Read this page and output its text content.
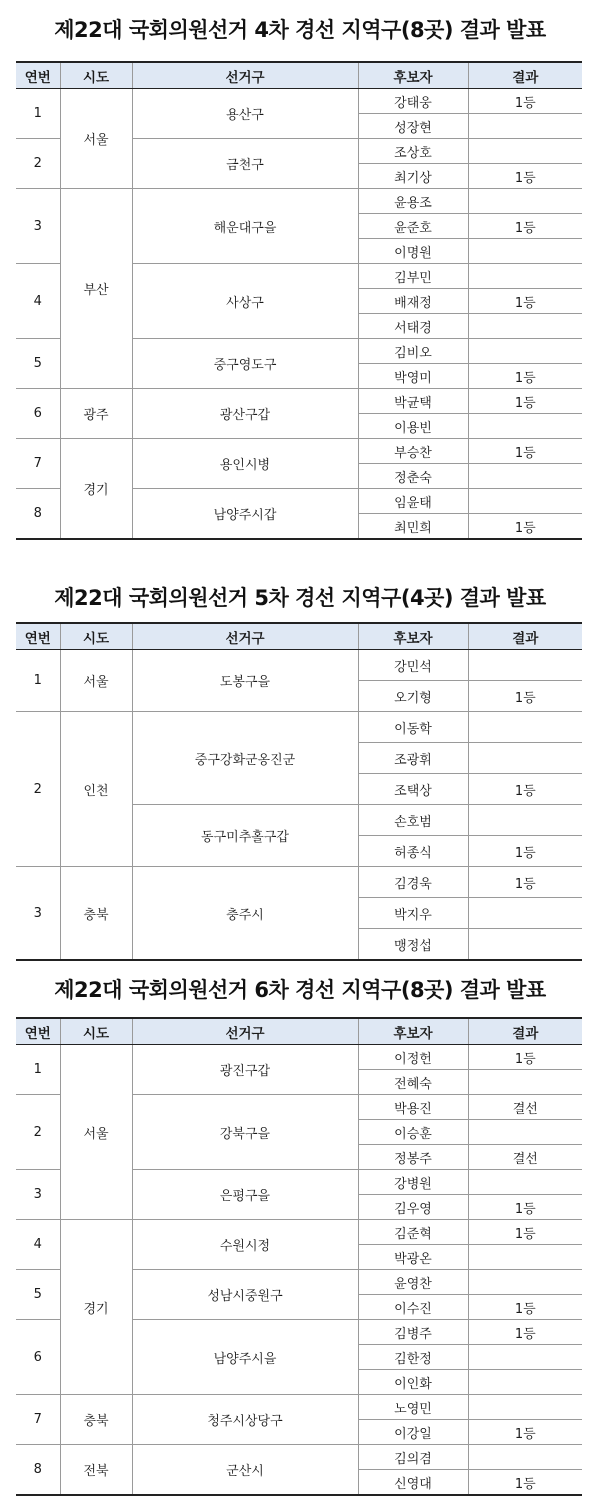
제22대 국회의원선거 4차 경선 지역구(8곳) 결과 발표
연번	시도	선거구	후보자	결과
1	서울	용산구	강태웅	1등
			성장현	
2		금천구	조상호	
			최기상	1등
3	부산	해운대구을	윤용조	
			윤준호	1등
			이명원	
4		사상구	김부민	
			배재정	1등
			서태경	
5		중구영도구	김비오	
			박영미	1등
6	광주	광산구갑	박균택	1등
			이용빈	
7	경기	용인시병	부승찬	1등
			정춘숙	
8		남양주시갑	임윤태	
			최민희	1등
제22대 국회의원선거 5차 경선 지역구(4곳) 결과 발표
연번	시도	선거구	후보자	결과
1	서울	도봉구을	강민석	
			오기형	1등
2	인천	중구강화군옹진군	이동학	
			조광휘	
			조택상	1등
		동구미추홀구갑	손호범	
			허종식	1등
3	충북	충주시	김경욱	1등
			박지우	
			맹정섭	
제22대 국회의원선거 6차 경선 지역구(8곳) 결과 발표
연번	시도	선거구	후보자	결과
1	서울	광진구갑	이정헌	1등
			전혜숙	
2		강북구을	박용진	결선
			이승훈	
			정봉주	결선
3		은평구을	강병원	
			김우영	1등
4	경기	수원시정	김준혁	1등
			박광온	
5		성남시중원구	윤영찬	
			이수진	1등
6		남양주시을	김병주	1등
			김한정	
			이인화	
7	충북	청주시상당구	노영민	
			이강일	1등
8	전북	군산시	김의겸	
			신영대	1등
